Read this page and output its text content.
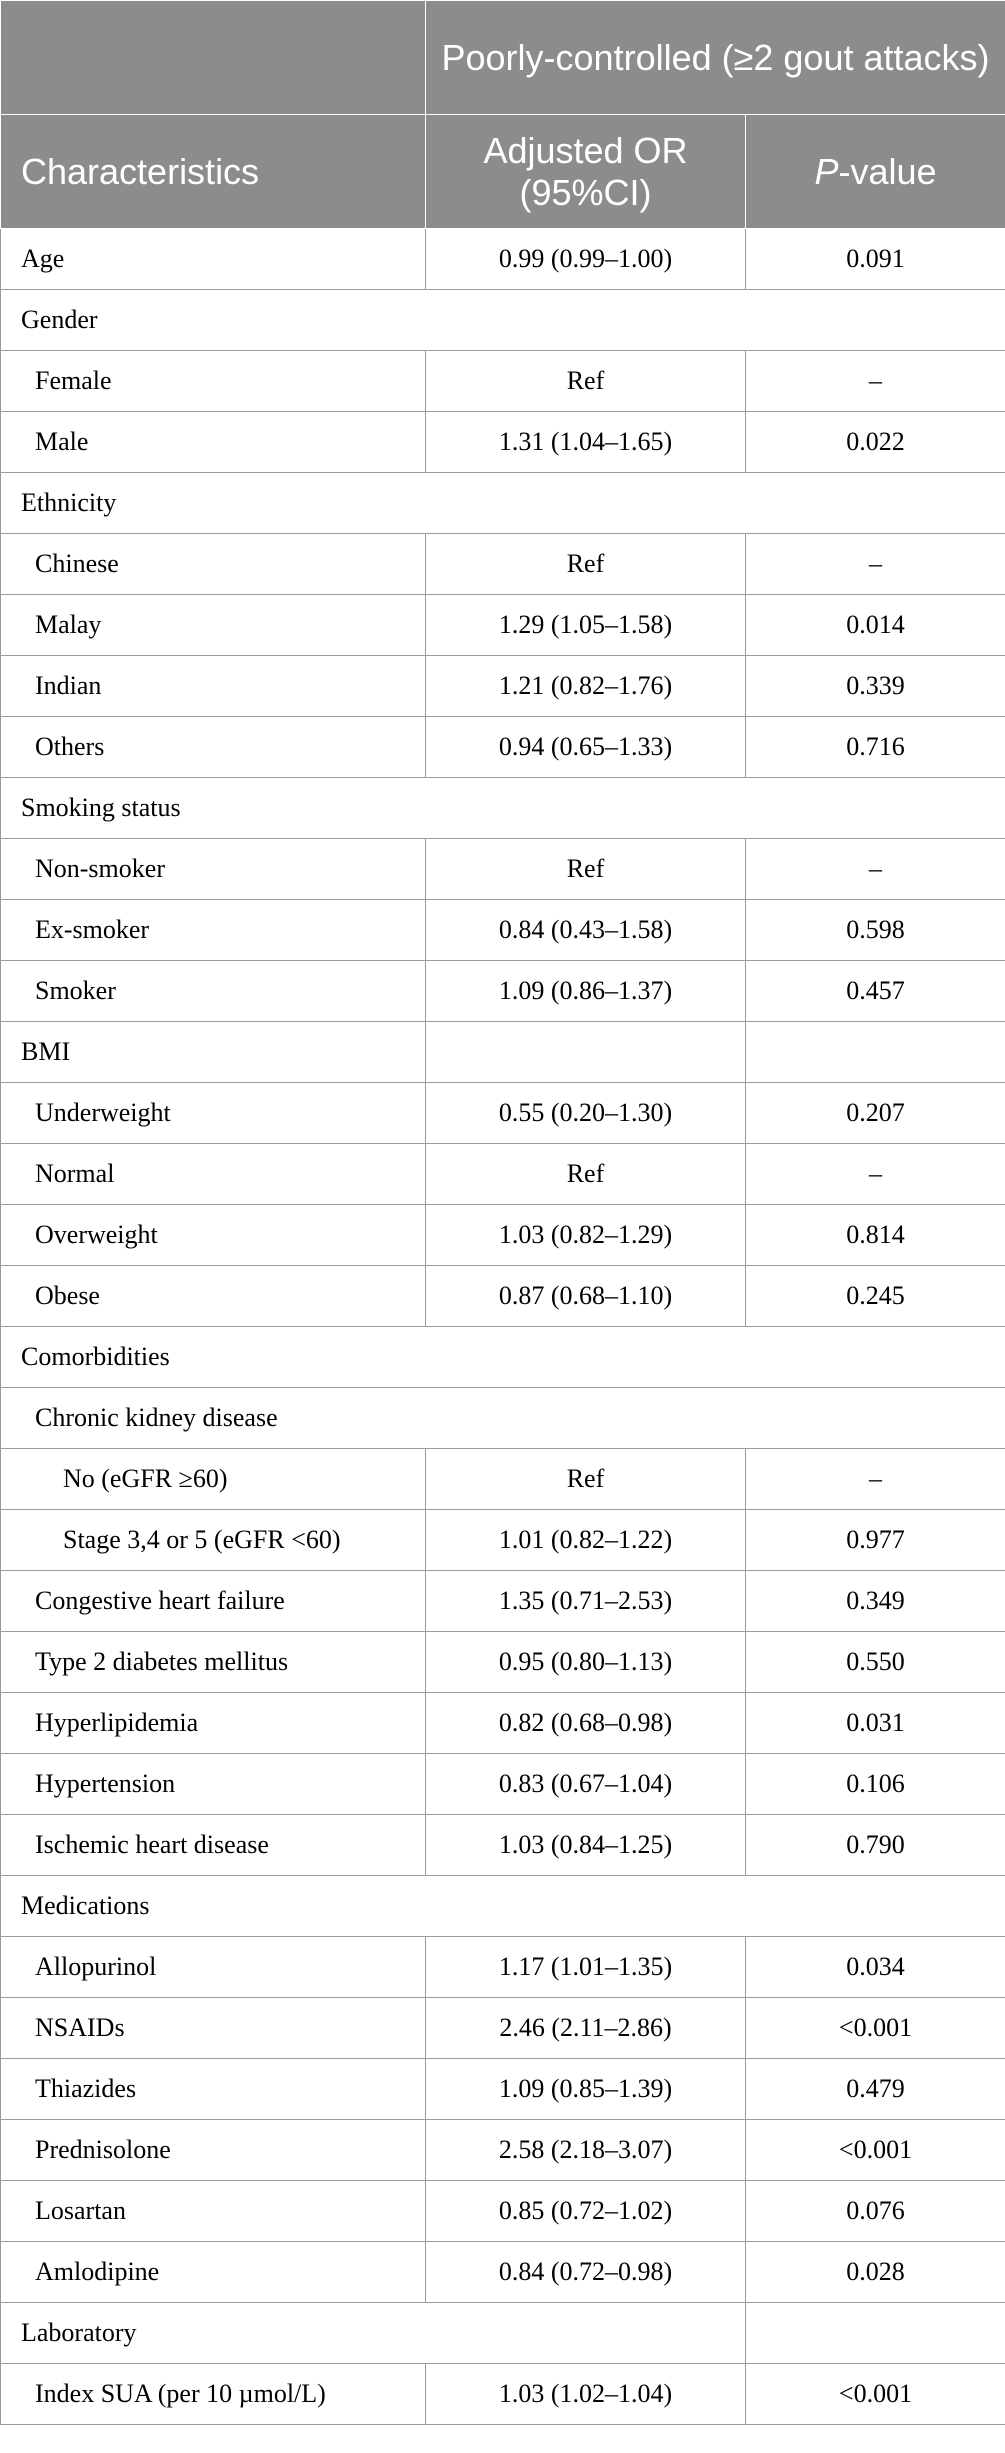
	Poorly-controlled (≥2 gout attacks)	
Characteristics	Adjusted OR (95%CI)	P-value
Age	0.99 (0.99–1.00)	0.091
Gender		
Female	Ref	–
Male	1.31 (1.04–1.65)	0.022
Ethnicity		
Chinese	Ref	–
Malay	1.29 (1.05–1.58)	0.014
Indian	1.21 (0.82–1.76)	0.339
Others	0.94 (0.65–1.33)	0.716
Smoking status		
Non-smoker	Ref	–
Ex-smoker	0.84 (0.43–1.58)	0.598
Smoker	1.09 (0.86–1.37)	0.457
BMI		
Underweight	0.55 (0.20–1.30)	0.207
Normal	Ref	–
Overweight	1.03 (0.82–1.29)	0.814
Obese	0.87 (0.68–1.10)	0.245
Comorbidities		
Chronic kidney disease		
No (eGFR ≥60)	Ref	–
Stage 3,4 or 5 (eGFR <60)	1.01 (0.82–1.22)	0.977
Congestive heart failure	1.35 (0.71–2.53)	0.349
Type 2 diabetes mellitus	0.95 (0.80–1.13)	0.550
Hyperlipidemia	0.82 (0.68–0.98)	0.031
Hypertension	0.83 (0.67–1.04)	0.106
Ischemic heart disease	1.03 (0.84–1.25)	0.790
Medications		
Allopurinol	1.17 (1.01–1.35)	0.034
NSAIDs	2.46 (2.11–2.86)	<0.001
Thiazides	1.09 (0.85–1.39)	0.479
Prednisolone	2.58 (2.18–3.07)	<0.001
Losartan	0.85 (0.72–1.02)	0.076
Amlodipine	0.84 (0.72–0.98)	0.028
Laboratory		
Index SUA (per 10 µmol/L)	1.03 (1.02–1.04)	<0.001
